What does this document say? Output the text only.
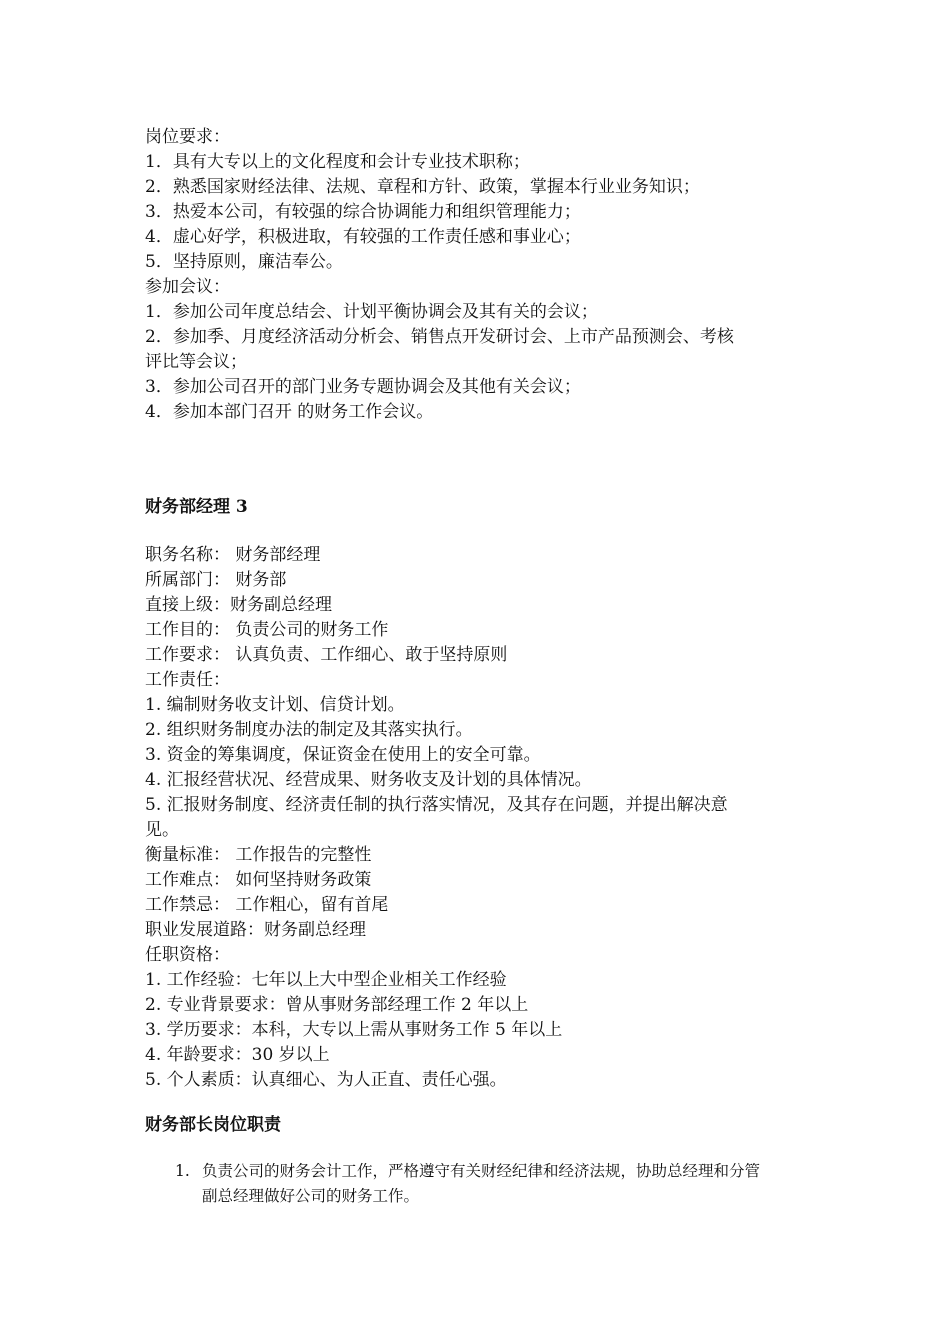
岗位要求：
1．具有大专以上的文化程度和会计专业技术职称；
2．熟悉国家财经法律、法规、章程和方针、政策，掌握本行业业务知识；
3．热爱本公司，有较强的综合协调能力和组织管理能力；
4．虚心好学，积极进取，有较强的工作责任感和事业心；
5．坚持原则，廉洁奉公。
参加会议：
1．参加公司年度总结会、计划平衡协调会及其有关的会议；
2．参加季、月度经济活动分析会、销售点开发研讨会、上市产品预测会、考核
评比等会议；
3．参加公司召开的部门业务专题协调会及其他有关会议；
4．参加本部门召开 的财务工作会议。
财务部经理 3
职务名称： 财务部经理
所属部门： 财务部
直接上级：财务副总经理
工作目的： 负责公司的财务工作
工作要求： 认真负责、工作细心、敢于坚持原则
工作责任：
1. 编制财务收支计划、信贷计划。
2. 组织财务制度办法的制定及其落实执行。
3. 资金的筹集调度，保证资金在使用上的安全可靠。
4. 汇报经营状况、经营成果、财务收支及计划的具体情况。
5. 汇报财务制度、经济责任制的执行落实情况，及其存在问题，并提出解决意
见。
衡量标准： 工作报告的完整性
工作难点： 如何坚持财务政策
工作禁忌： 工作粗心，留有首尾
职业发展道路：财务副总经理
任职资格：
1. 工作经验：七年以上大中型企业相关工作经验
2. 专业背景要求：曾从事财务部经理工作 2 年以上
3. 学历要求：本科，大专以上需从事财务工作 5 年以上
4. 年龄要求：30 岁以上
5. 个人素质：认真细心、为人正直、责任心强。
财务部长岗位职责
1. 负责公司的财务会计工作，严格遵守有关财经纪律和经济法规，协助总经理和分管
副总经理做好公司的财务工作。
